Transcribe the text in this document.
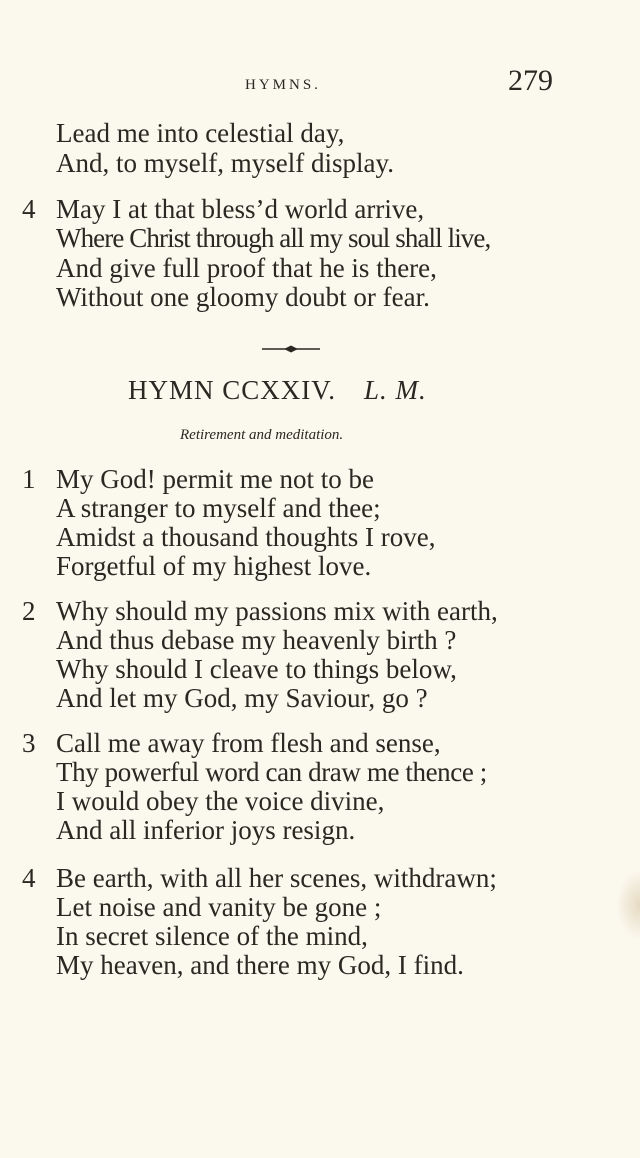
HYMNS.	279
Lead me into celestial day,
And, to myself, myself display.
4 May I at that bless’d world arrive,
Where Christ through all my soul shall live,
And give full proof that he is there,
Without one gloomy doubt or fear.
HYMN CCXXIV. L. M.
Retirement and meditation.
1 My God! permit me not to be
A stranger to myself and thee;
Amidst a thousand thoughts I rove,
Forgetful of my highest love.
2 Why should my passions mix with earth,
And thus debase my heavenly birth ?
Why should I cleave to things below,
And let my God, my Saviour, go ?
3 Call me away from flesh and sense,
Thy powerful word can draw me thence ;
I would obey the voice divine,
And all inferior joys resign.
4 Be earth, with all her scenes, withdrawn;
Let noise and vanity be gone ;
In secret silence of the mind,
My heaven, and there my God, I find.
